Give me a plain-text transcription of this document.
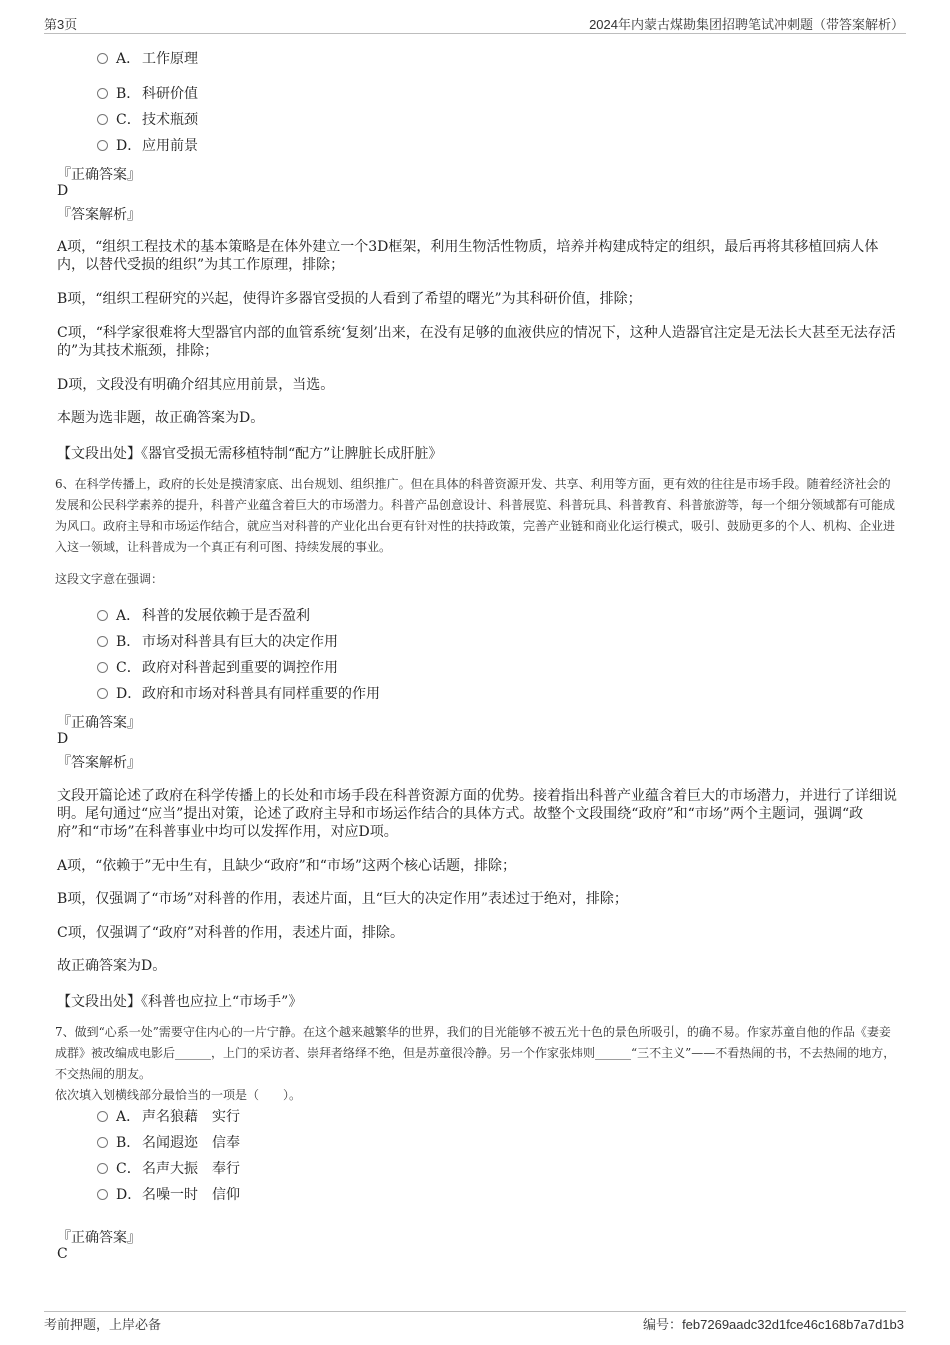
第3页	2024年内蒙古煤勘集团招聘笔试冲刺题（带答案解析）
A． 工作原理
B． 科研价值
C．技术瓶颈
D．应用前景
『正确答案』
D
『答案解析』
A项，“组织工程技术的基本策略是在体外建立一个3D框架，利用生物活性物质，培养并构建成特定的组织，最后再将其移植回病人体内，以替代受损的组织”为其工作原理，排除；
B项，“组织工程研究的兴起，使得许多器官受损的人看到了希望的曙光”为其科研价值，排除；
C项，“科学家很难将大型器官内部的血管系统‘复刻’出来，在没有足够的血液供应的情况下，这种人造器官注定是无法长大甚至无法存活的”为其技术瓶颈，排除；
D项，文段没有明确介绍其应用前景，当选。
本题为选非题，故正确答案为D。
【文段出处】《器官受损无需移植特制“配方”让脾脏长成肝脏》
6、在科学传播上，政府的长处是摸清家底、出台规划、组织推广。但在具体的科普资源开发、共享、利用等方面，更有效的往往是市场手段。随着经济社会的发展和公民科学素养的提升，科普产业蕴含着巨大的市场潜力。科普产品创意设计、科普展览、科普玩具、科普教育、科普旅游等，每一个细分领域都有可能成为风口。政府主导和市场运作结合，就应当对科普的产业化出台更有针对性的扶持政策，完善产业链和商业化运行模式，吸引、鼓励更多的个人、机构、企业进入这一领域，让科普成为一个真正有利可图、持续发展的事业。
这段文字意在强调：
A． 科普的发展依赖于是否盈利
B． 市场对科普具有巨大的决定作用
C．政府对科普起到重要的调控作用
D．政府和市场对科普具有同样重要的作用
『正确答案』
D
『答案解析』
文段开篇论述了政府在科学传播上的长处和市场手段在科普资源方面的优势。接着指出科普产业蕴含着巨大的市场潜力，并进行了详细说明。尾句通过“应当”提出对策，论述了政府主导和市场运作结合的具体方式。故整个文段围绕“政府”和“市场”两个主题词，强调“政府”和“市场”在科普事业中均可以发挥作用，对应D项。
A项，“依赖于”无中生有，且缺少“政府”和“市场”这两个核心话题，排除；
B项，仅强调了“市场”对科普的作用，表述片面，且“巨大的决定作用”表述过于绝对，排除；
C项，仅强调了“政府”对科普的作用，表述片面，排除。
故正确答案为D。
【文段出处】《科普也应拉上“市场手”》
7、做到“心系一处”需要守住内心的一片宁静。在这个越来越繁华的世界，我们的目光能够不被五光十色的景色所吸引，的确不易。作家苏童自他的作品《妻妾成群》被改编成电影后______，上门的采访者、崇拜者络绎不绝，但是苏童很冷静。另一个作家张炜则______“三不主义”——不看热闹的书，不去热闹的地方，不交热闹的朋友。
依次填入划横线部分最恰当的一项是（　　）。
A． 声名狼藉　实行
B． 名闻遐迩　信奉
C．名声大振　奉行
D．名噪一时　信仰
『正确答案』
C
考前押题，上岸必备	编号：feb7269aadc32d1fce46c168b7a7d1b3
